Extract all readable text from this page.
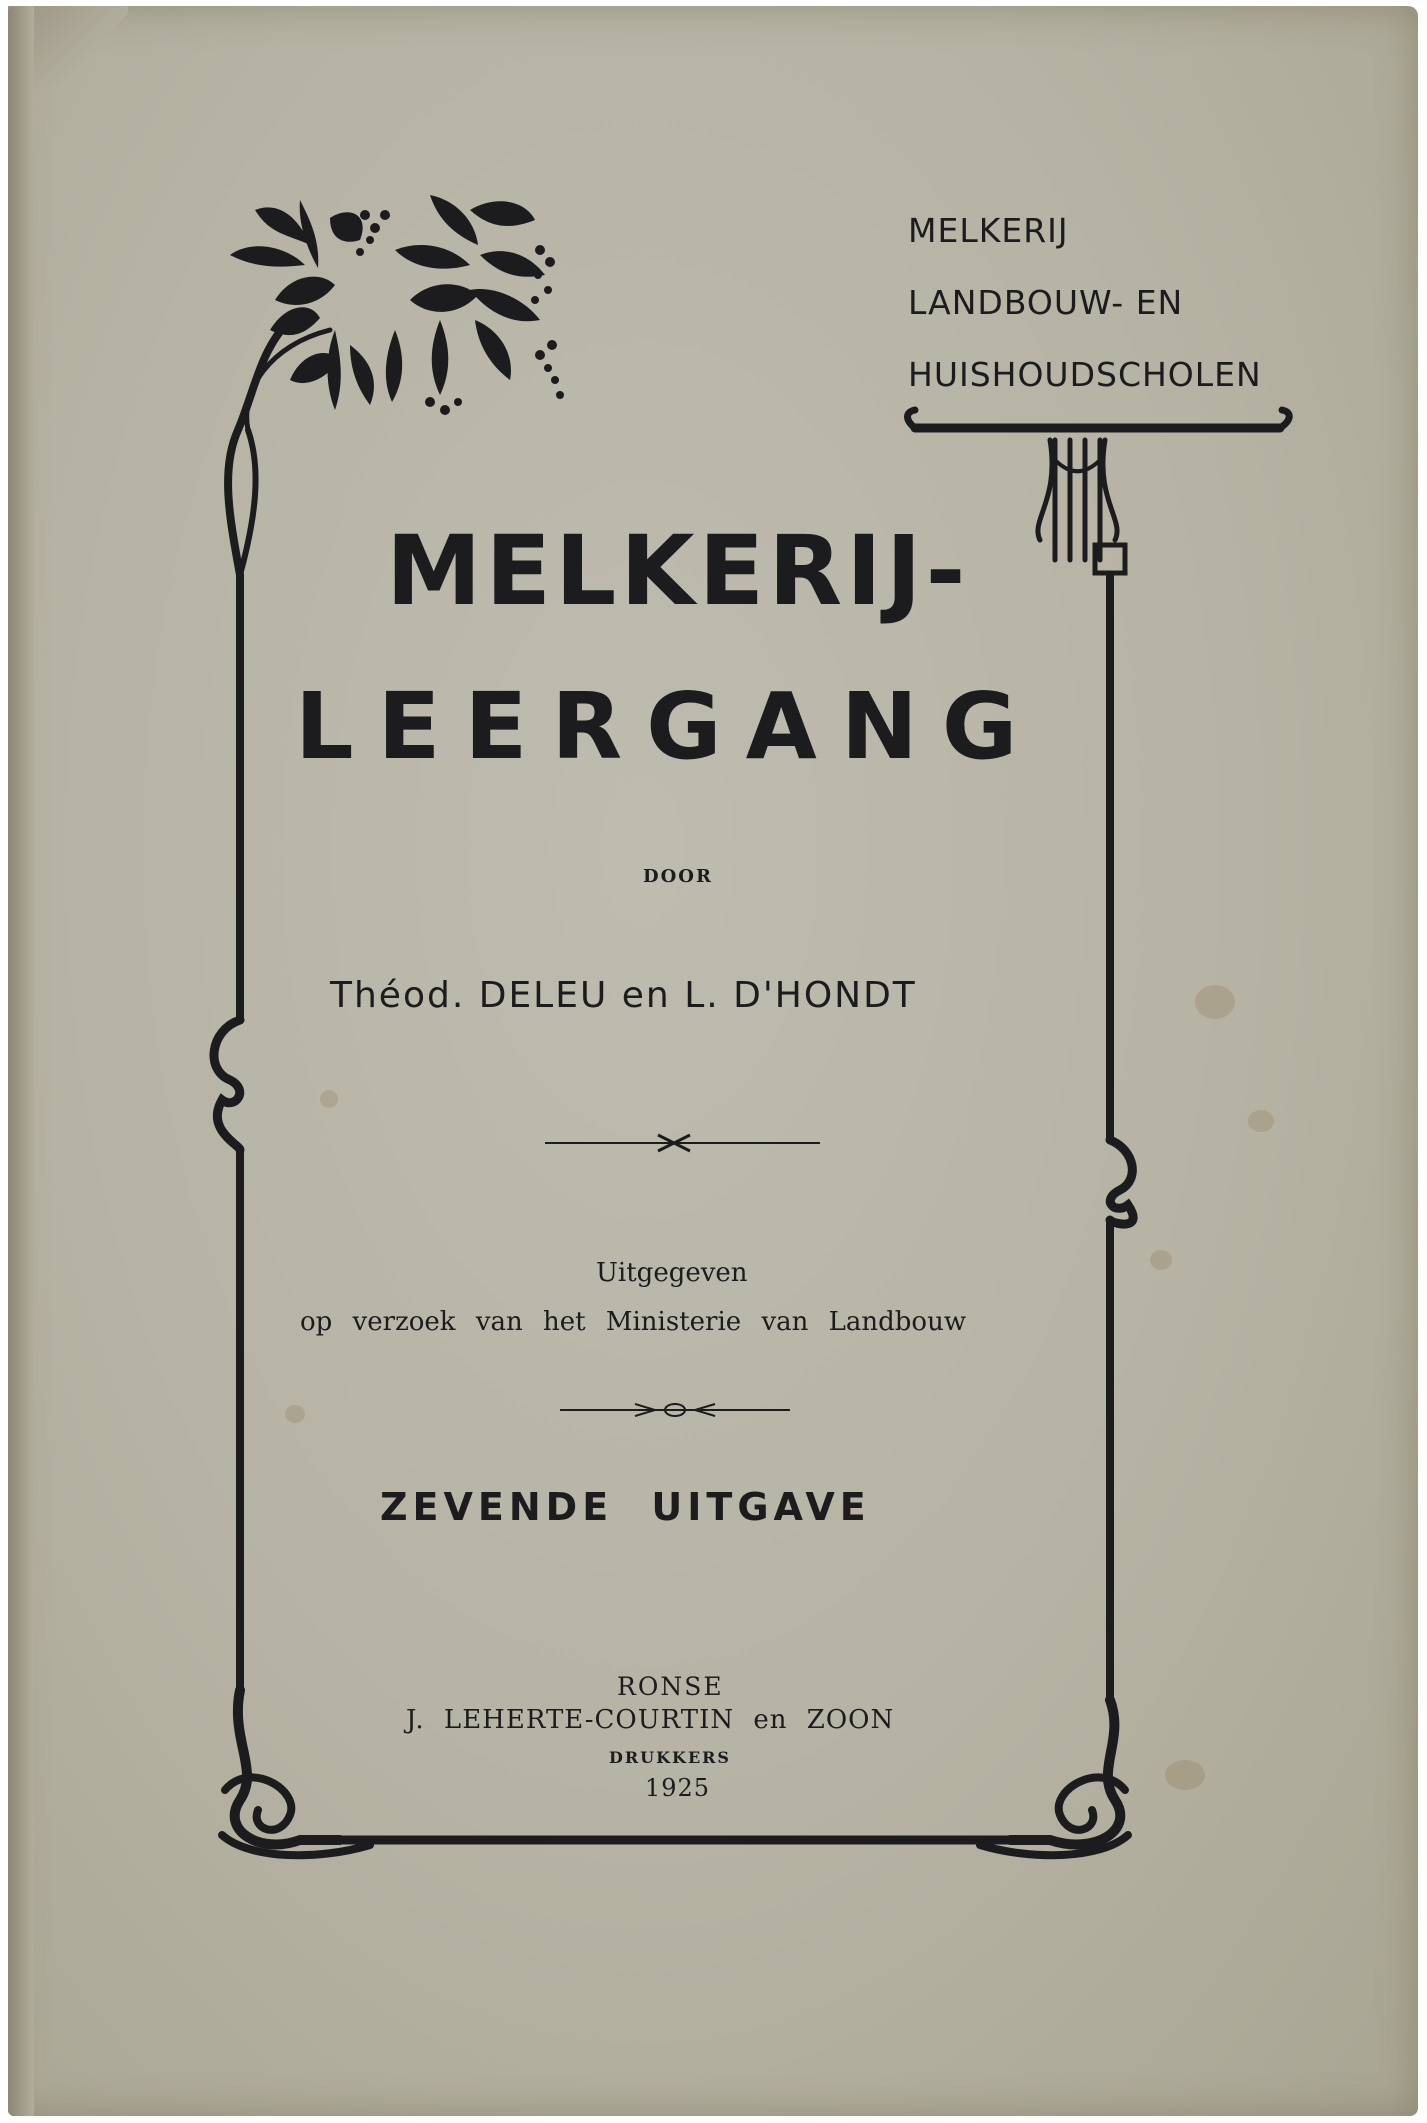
MELKERIJ
LANDBOUW- EN
HUISHOUDSCHOLEN
MELKERIJ-
LEERGANG
DOOR
Théod. DELEU en L. D'HONDT
Uitgegeven
op verzoek van het Ministerie van Landbouw
ZEVENDE UITGAVE
RONSE
J. LEHERTE-COURTIN en ZOON
DRUKKERS
1925
